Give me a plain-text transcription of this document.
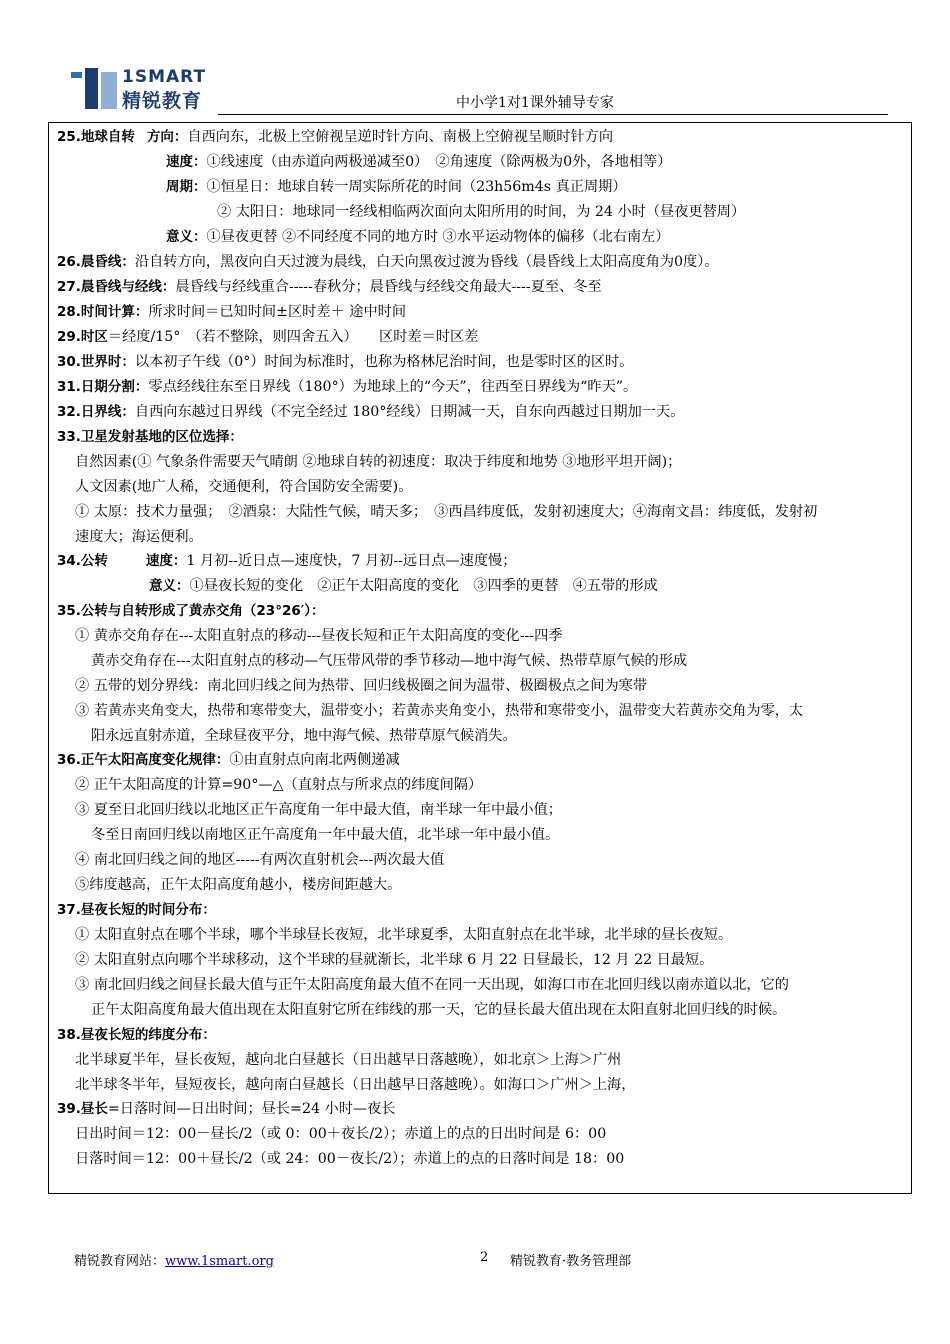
1SMART
精锐教育	中小学1对1课外辅导专家
25.地球自转 方向：自西向东，北极上空俯视呈逆时针方向、南极上空俯视呈顺时针方向
速度：①线速度（由赤道向两极递减至0）　②角速度（除两极为0外，各地相等）
周期：①恒星日：地球自转一周实际所花的时间（23h56m4s 真正周期）
② 太阳日：地球同一经线相临两次面向太阳所用的时间，为 24 小时（昼夜更替周）
意义：①昼夜更替 ②不同经度不同的地方时 ③水平运动物体的偏移（北右南左）
26.晨昏线：沿自转方向，黑夜向白天过渡为晨线，白天向黑夜过渡为昏线（晨昏线上太阳高度角为0度）。
27.晨昏线与经线：晨昏线与经线重合-----春秋分；晨昏线与经线交角最大----夏至、冬至
28.时间计算：所求时间＝已知时间±区时差＋ 途中时间
29.时区＝经度/15°　（若不整除，则四舍五入）　　区时差＝时区差
30.世界时：以本初子午线（0°）时间为标准时，也称为格林尼治时间，也是零时区的区时。
31.日期分割：零点经线往东至日界线（180°）为地球上的“今天”，往西至日界线为“昨天”。
32.日界线：自西向东越过日界线（不完全经过 180°经线）日期减一天，自东向西越过日期加一天。
33.卫星发射基地的区位选择：
自然因素(① 气象条件需要天气晴朗 ②地球自转的初速度：取决于纬度和地势 ③地形平坦开阔)；
人文因素(地广人稀，交通便利，符合国防安全需要)。
① 太原：技术力量强；　②酒泉：大陆性气候，晴天多；　③西昌纬度低，发射初速度大；④海南文昌：纬度低，发射初
速度大；海运便利。
34.公转	速度：1 月初--近日点—速度快，7 月初--远日点—速度慢；
意义：①昼夜长短的变化　②正午太阳高度的变化　③四季的更替　④五带的形成
35.公转与自转形成了黄赤交角（23°26′）：
① 黄赤交角存在---太阳直射点的移动---昼夜长短和正午太阳高度的变化---四季
黄赤交角存在---太阳直射点的移动—气压带风带的季节移动—地中海气候、热带草原气候的形成
② 五带的划分界线：南北回归线之间为热带、回归线极圈之间为温带、极圈极点之间为寒带
③ 若黄赤夹角变大，热带和寒带变大，温带变小；若黄赤夹角变小，热带和寒带变小，温带变大若黄赤交角为零，太
阳永远直射赤道，全球昼夜平分，地中海气候、热带草原气候消失。
36.正午太阳高度变化规律：①由直射点向南北两侧递减
② 正午太阳高度的计算=90°—△（直射点与所求点的纬度间隔）
③ 夏至日北回归线以北地区正午高度角一年中最大值，南半球一年中最小值；
冬至日南回归线以南地区正午高度角一年中最大值，北半球一年中最小值。
④ 南北回归线之间的地区-----有两次直射机会---两次最大值
⑤纬度越高，正午太阳高度角越小，楼房间距越大。
37.昼夜长短的时间分布：
① 太阳直射点在哪个半球，哪个半球昼长夜短，北半球夏季，太阳直射点在北半球，北半球的昼长夜短。
② 太阳直射点向哪个半球移动，这个半球的昼就渐长，北半球 6 月 22 日昼最长，12 月 22 日最短。
③ 南北回归线之间昼长最大值与正午太阳高度角最大值不在同一天出现，如海口市在北回归线以南赤道以北，它的
正午太阳高度角最大值出现在太阳直射它所在纬线的那一天，它的昼长最大值出现在太阳直射北回归线的时候。
38.昼夜长短的纬度分布：
北半球夏半年，昼长夜短，越向北白昼越长（日出越早日落越晚），如北京＞上海＞广州
北半球冬半年，昼短夜长，越向南白昼越长（日出越早日落越晚）。如海口＞广州＞上海，
39.昼长=日落时间—日出时间；昼长=24 小时—夜长
日出时间＝12：00－昼长/2（或 0：00＋夜长/2）；赤道上的点的日出时间是 6：00
日落时间＝12：00＋昼长/2（或 24：00－夜长/2）；赤道上的点的日落时间是 18：00
精锐教育网站：www.1smart.org	2 精锐教育·教务管理部
